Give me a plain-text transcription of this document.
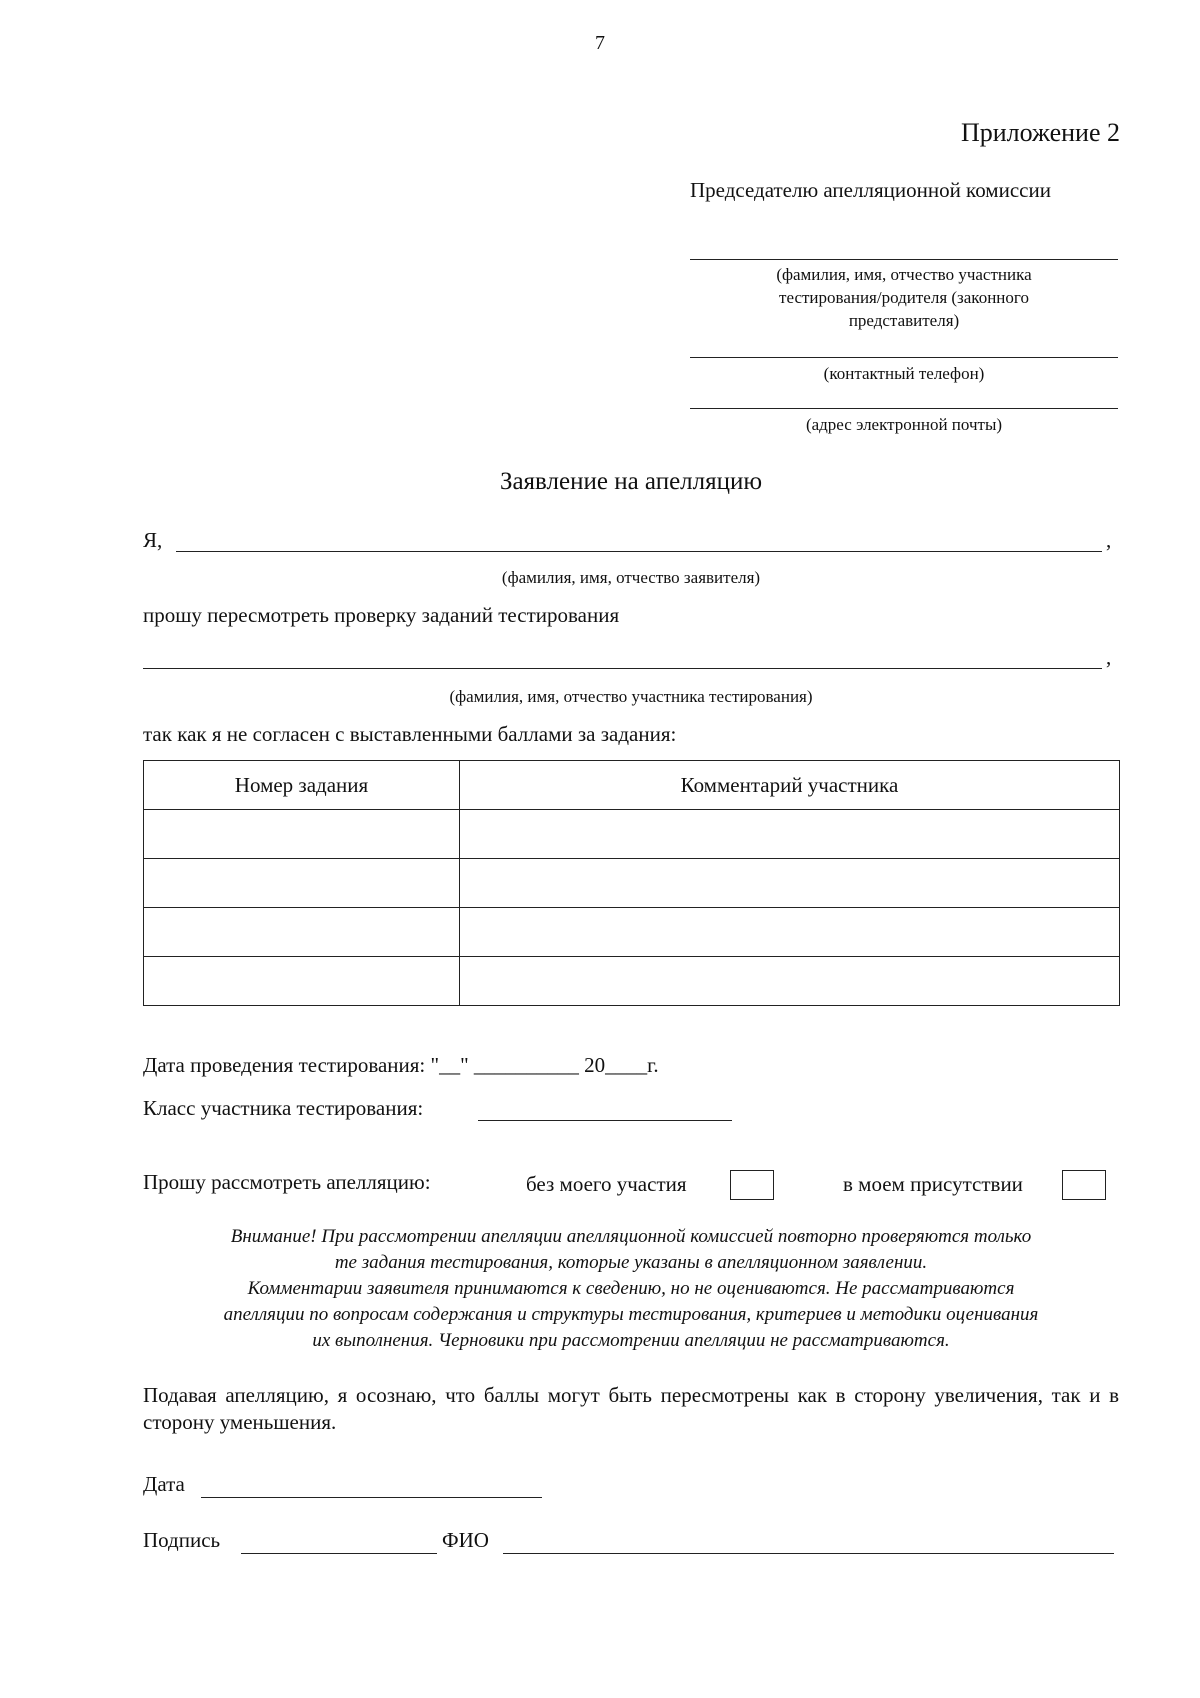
7
Приложение 2
Председателю апелляционной комиссии
(фамилия, имя, отчество участника
тестирования/родителя (законного
представителя)
(контактный телефон)
(адрес электронной почты)
Заявление на апелляцию
Я,	,
(фамилия, имя, отчество заявителя)
прошу пересмотреть проверку заданий тестирования
,
(фамилия, имя, отчество участника тестирования)
так как я не согласен с выставленными баллами за задания:
Номер задания	Комментарий участника

Дата проведения тестирования: "__" __________ 20____г.
Класс участника тестирования:
Прошу рассмотреть апелляцию:	без моего участия	в моем присутствии
Внимание! При рассмотрении апелляции апелляционной комиссией повторно проверяются только
те задания тестирования, которые указаны в апелляционном заявлении.
Комментарии заявителя принимаются к сведению, но не оцениваются. Не рассматриваются
апелляции по вопросам содержания и структуры тестирования, критериев и методики оценивания
их выполнения. Черновики при рассмотрении апелляции не рассматриваются.
Подавая апелляцию, я осознаю, что баллы могут быть пересмотрены как в сторону увеличения, так и в сторону уменьшения.
Дата
Подпись	ФИО
